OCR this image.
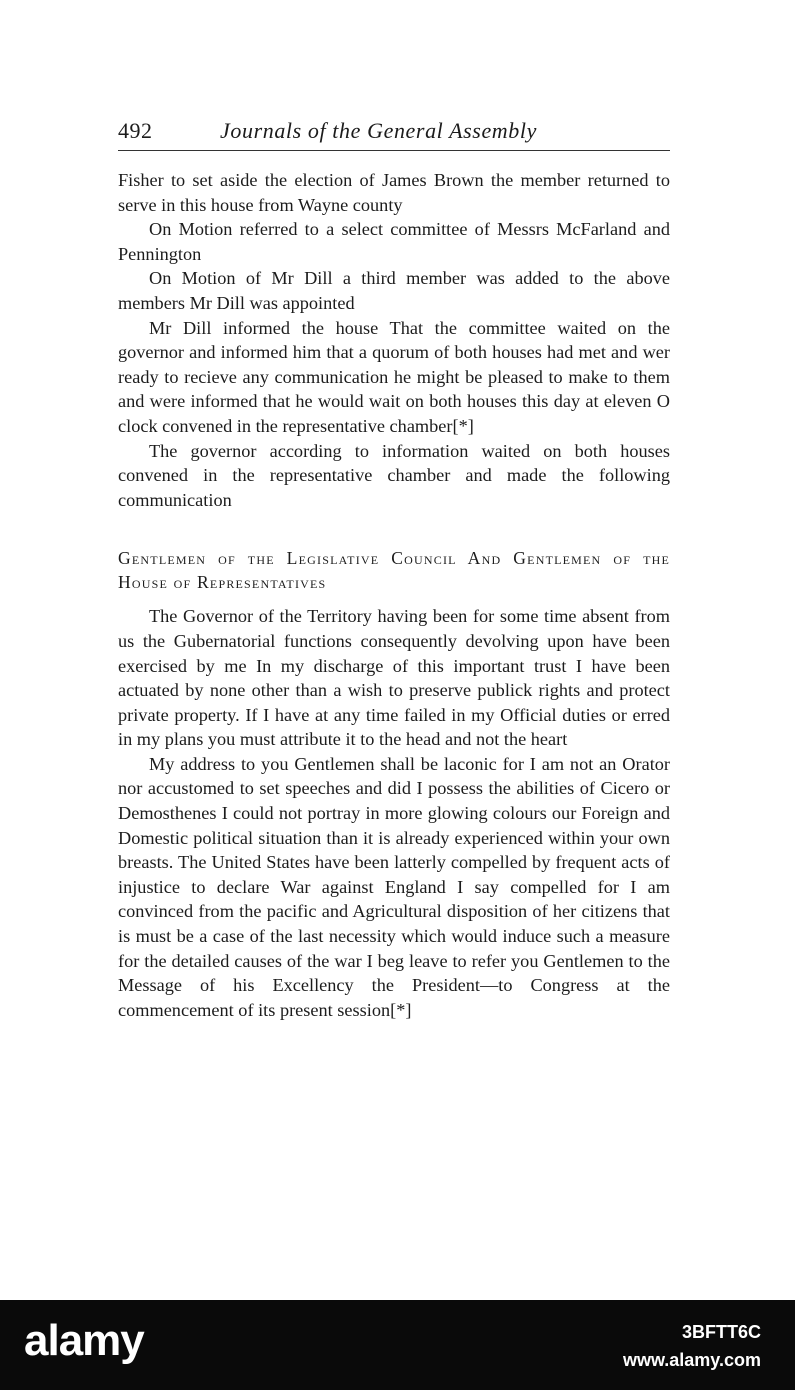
492	Journals of the General Assembly

Fisher to set aside the election of James Brown the member returned to serve in this house from Wayne county

On Motion referred to a select committee of Messrs McFarland and Pennington

On Motion of Mr Dill a third member was added to the above members Mr Dill was appointed

Mr Dill informed the house That the committee waited on the governor and informed him that a quorum of both houses had met and wer ready to recieve any communication he might be pleased to make to them and were informed that he would wait on both houses this day at eleven O clock convened in the representative chamber[*]

The governor according to information waited on both houses convened in the representative chamber and made the following communication

Gentlemen of the Legislative Council And Gentlemen of the House of Representatives

The Governor of the Territory having been for some time absent from us the Gubernatorial functions consequently devolving upon have been exercised by me In my discharge of this important trust I have been actuated by none other than a wish to preserve publick rights and protect private property. If I have at any time failed in my Official duties or erred in my plans you must attribute it to the head and not the heart

My address to you Gentlemen shall be laconic for I am not an Orator nor accustomed to set speeches and did I possess the abilities of Cicero or Demosthenes I could not portray in more glowing colours our Foreign and Domestic political situation than it is already experienced within your own breasts. The United States have been latterly compelled by frequent acts of injustice to declare War against England I say compelled for I am convinced from the pacific and Agricultural disposition of her citizens that is must be a case of the last necessity which would induce such a measure for the detailed causes of the war I beg leave to refer you Gentlemen to the Message of his Excellency the President—to Congress at the commencement of its present session[*]

alamy	3BFTT6C
www.alamy.com
